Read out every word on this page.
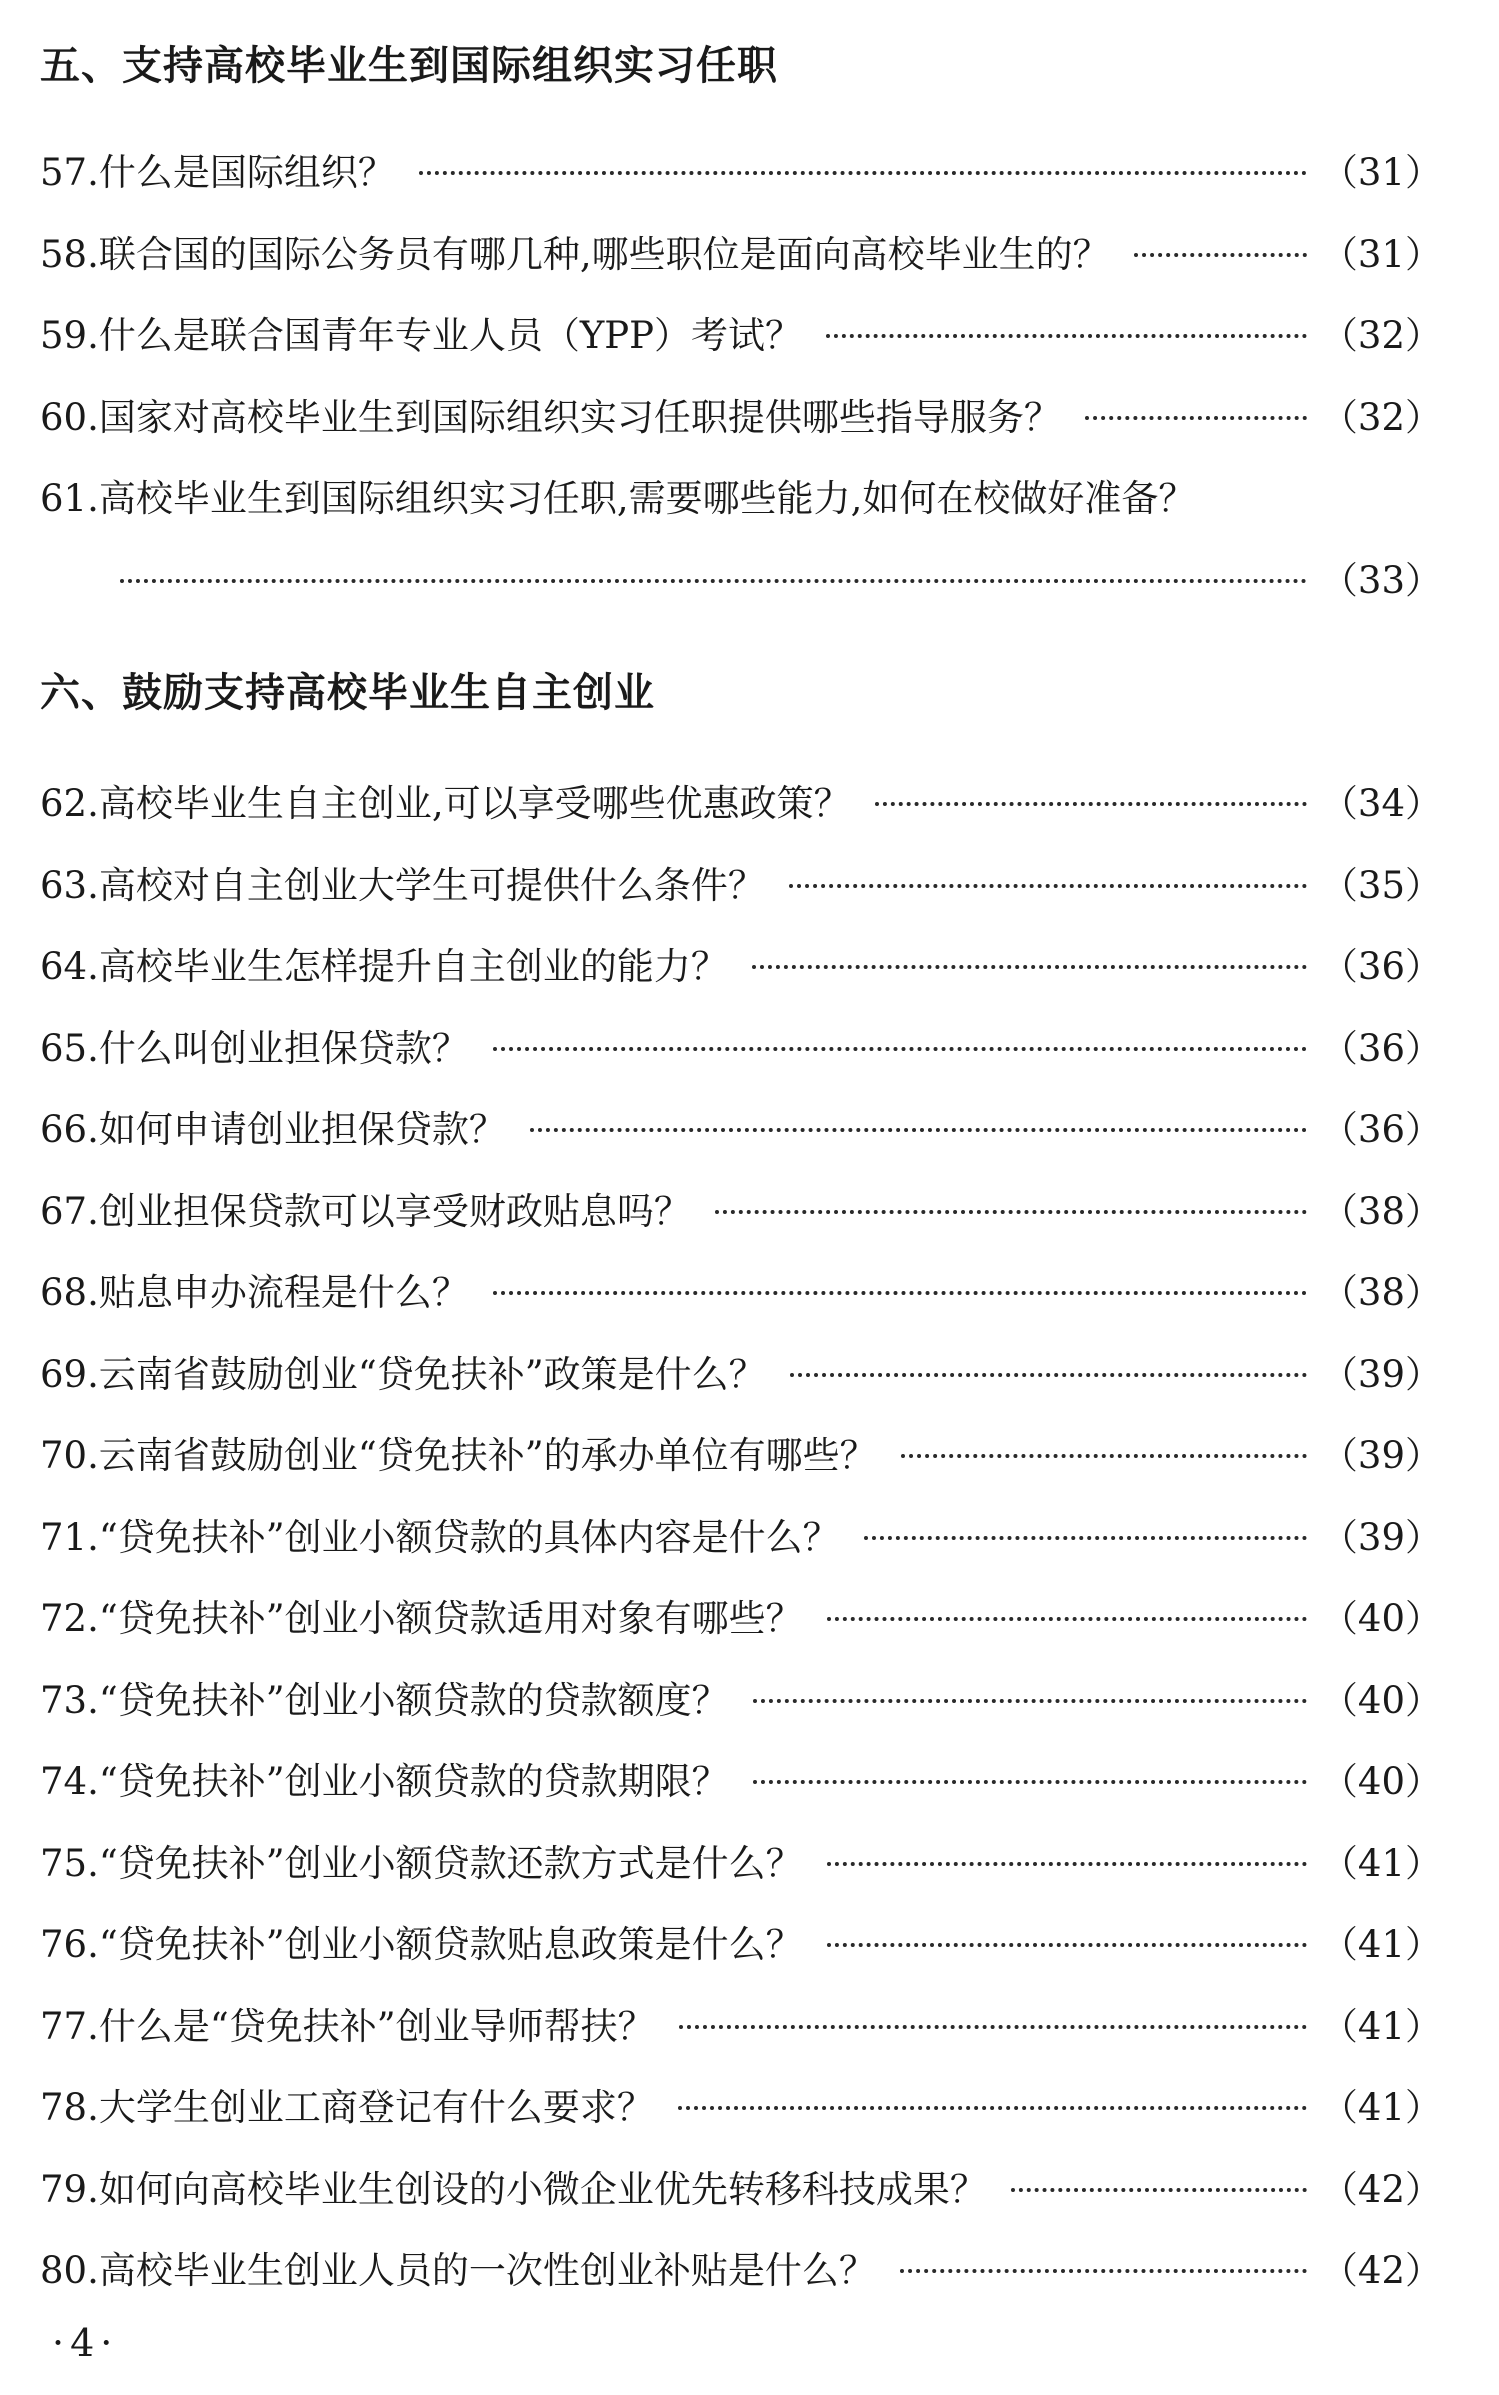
五、支持高校毕业生到国际组织实习任职
57. 什么是国际组织？	（31）
58. 联合国的国际公务员有哪几种,哪些职位是面向高校毕业生的？	（31）
59. 什么是联合国青年专业人员（YPP）考试？	（32）
60. 国家对高校毕业生到国际组织实习任职提供哪些指导服务？	（32）
61. 高校毕业生到国际组织实习任职,需要哪些能力,如何在校做好准备？
（33）
六、鼓励支持高校毕业生自主创业
62. 高校毕业生自主创业,可以享受哪些优惠政策？	（34）
63. 高校对自主创业大学生可提供什么条件？	（35）
64. 高校毕业生怎样提升自主创业的能力？	（36）
65. 什么叫创业担保贷款？	（36）
66. 如何申请创业担保贷款？	（36）
67. 创业担保贷款可以享受财政贴息吗？	（38）
68. 贴息申办流程是什么？	（38）
69. 云南省鼓励创业“贷免扶补”政策是什么？	（39）
70. 云南省鼓励创业“贷免扶补”的承办单位有哪些？	（39）
71. “贷免扶补”创业小额贷款的具体内容是什么？	（39）
72. “贷免扶补”创业小额贷款适用对象有哪些？	（40）
73. “贷免扶补”创业小额贷款的贷款额度？	（40）
74. “贷免扶补”创业小额贷款的贷款期限？	（40）
75. “贷免扶补”创业小额贷款还款方式是什么？	（41）
76. “贷免扶补”创业小额贷款贴息政策是什么？	（41）
77. 什么是“贷免扶补”创业导师帮扶？	（41）
78. 大学生创业工商登记有什么要求？	（41）
79. 如何向高校毕业生创设的小微企业优先转移科技成果？	（42）
80. 高校毕业生创业人员的一次性创业补贴是什么？	（42）
·4·
